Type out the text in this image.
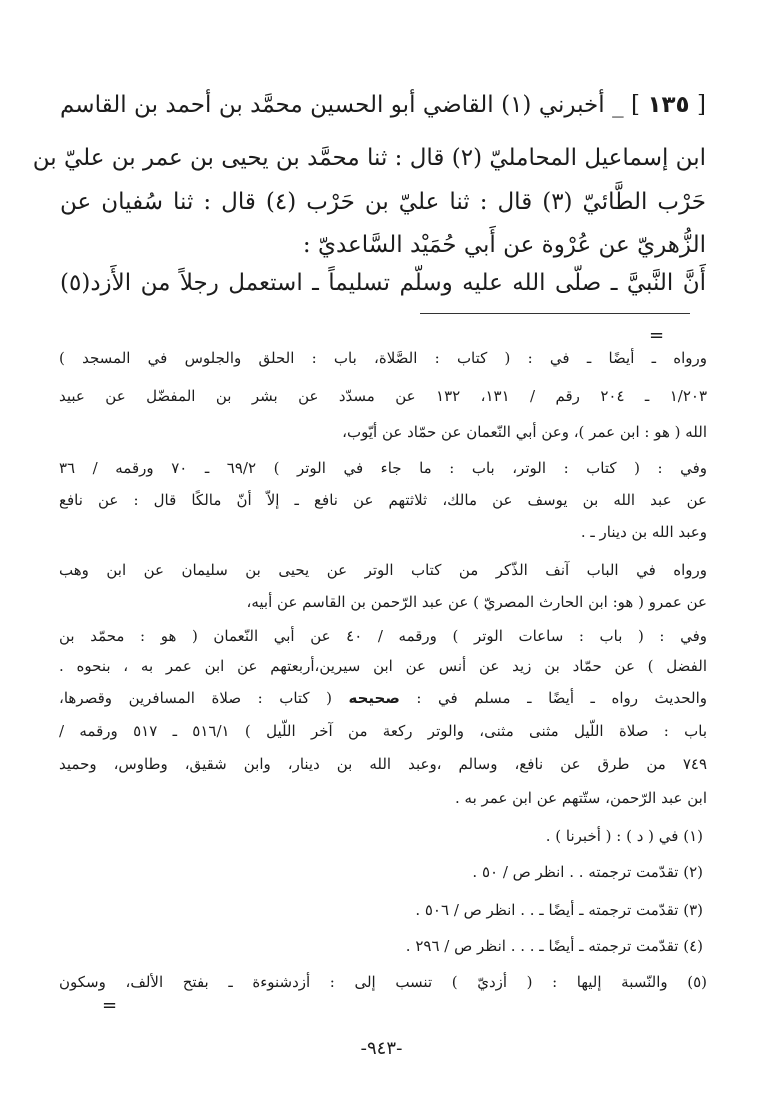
[ ١٣٥ ] _ أخبرني (١) القاضي أبو الحسين محمَّد بن أحمد بن القاسم
ابن إسماعيل المحامليّ (٢) قال : ثنا محمَّد بن يحيى بن عمر بن عليّ بن
حَرْب الطَّائيّ (٣) قال : ثنا عليّ بن حَرْب (٤) قال : ثنا سُفيان عن
الزُّهريّ عن عُرْوة عن أَبي حُمَيْد السَّاعديّ :
أَنَّ النَّبيَّ ـ صلّى الله عليه وسلّم تسليماً ـ استعمل رجلاً من الأَزد(٥)
=
ورواه ـ أيضًا ـ في : ( كتاب : الصَّلاة، باب : الحلق والجلوس في المسجد )
١/٢٠٣ ـ ٢٠٤ رقم / ١٣١، ١٣٢ عن مسدّد عن بشر بن المفضّل عن عبيد
الله ( هو : ابن عمر )، وعن أبي النّعمان عن حمّاد عن أيّوب،
وفي : ( كتاب : الوتر، باب : ما جاء في الوتر ) ٦٩/٢ ـ ٧٠ ورقمه / ٣٦
عن عبد الله بن يوسف عن مالك، ثلاثتهم عن نافع ـ إلاّ أنّ مالكًا قال : عن نافع
وعبد الله بن دينار ـ .
ورواه في الباب آنف الذّكر من كتاب الوتر عن يحيى بن سليمان عن ابن وهب
عن عمرو ( هو: ابن الحارث المصريّ ) عن عبد الرّحمن بن القاسم عن أبيه،
وفي : ( باب : ساعات الوتر ) ورقمه / ٤٠ عن أبي النّعمان ( هو : محمّد بن
الفضل ) عن حمّاد بن زيد عن أنس عن ابن سيرين،أربعتهم عن ابن عمر به ، بنحوه .
والحديث رواه ـ أيضًا ـ مسلم في : صحيحه ( كتاب : صلاة المسافرين وقصرها،
باب : صلاة اللّيل مثنى مثنى، والوتر ركعة من آخر اللّيل ) ٥١٦/١ ـ ٥١٧ ورقمه /
٧٤٩ من طرق عن نافع، وسالم ،وعبد الله بن دينار، وابن شقيق، وطاوس، وحميد
ابن عبد الرّحمن، ستّتهم عن ابن عمر به .
(١) في ( د ) : ( أخبرنا ) .
(٢) تقدّمت ترجمته . . انظر ص / ٥٠ .
(٣) تقدّمت ترجمته ـ أيضًا ـ . . انظر ص / ٥٠٦ .
(٤) تقدّمت ترجمته ـ أيضًا ـ . . . انظر ص / ٢٩٦ .
(٥) والنّسبة إليها : ( أزديّ ) تنسب إلى : أزدشنوءة ـ بفتح الألف، وسكون
=
-٩٤٣-
